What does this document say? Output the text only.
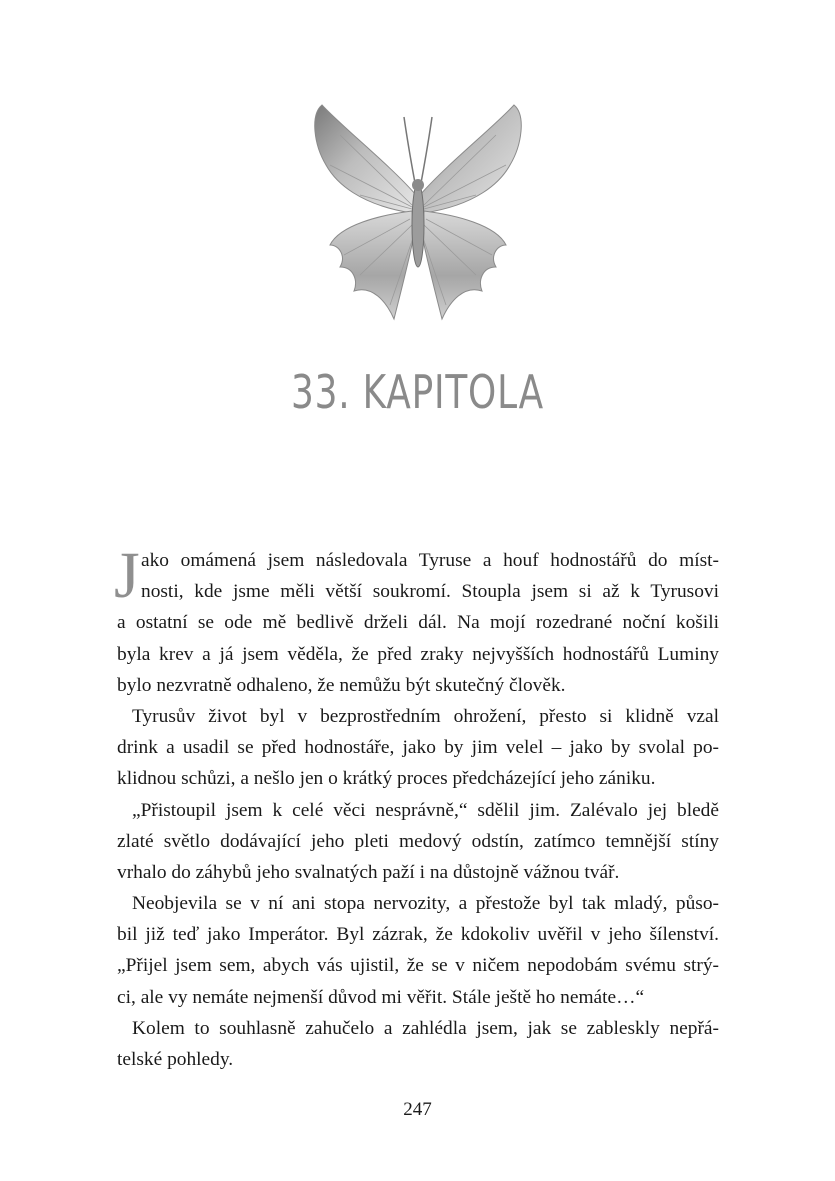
33. KAPITOLA
J ako omámená jsem následovala Tyruse a houf hodnostářů do míst-
nosti, kde jsme měli větší soukromí. Stoupla jsem si až k Tyrusovi
a ostatní se ode mě bedlivě drželi dál. Na mojí rozedrané noční košili
byla krev a já jsem věděla, že před zraky nejvyšších hodnostářů Luminy
bylo nezvratně odhaleno, že nemůžu být skutečný člověk.
Tyrusův život byl v bezprostředním ohrožení, přesto si klidně vzal
drink a usadil se před hodnostáře, jako by jim velel – jako by svolal po-
klidnou schůzi, a nešlo jen o krátký proces předcházející jeho zániku.
„Přistoupil jsem k celé věci nesprávně,“ sdělil jim. Zalévalo jej bledě
zlaté světlo dodávající jeho pleti medový odstín, zatímco temnější stíny
vrhalo do záhybů jeho svalnatých paží i na důstojně vážnou tvář.
Neobjevila se v ní ani stopa nervozity, a přestože byl tak mladý, půso-
bil již teď jako Imperátor. Byl zázrak, že kdokoliv uvěřil v jeho šílenství.
„Přijel jsem sem, abych vás ujistil, že se v ničem nepodobám svému strý-
ci, ale vy nemáte nejmenší důvod mi věřit. Stále ještě ho nemáte…“
Kolem to souhlasně zahučelo a zahlédla jsem, jak se zableskly nepřá-
telské pohledy.
247
